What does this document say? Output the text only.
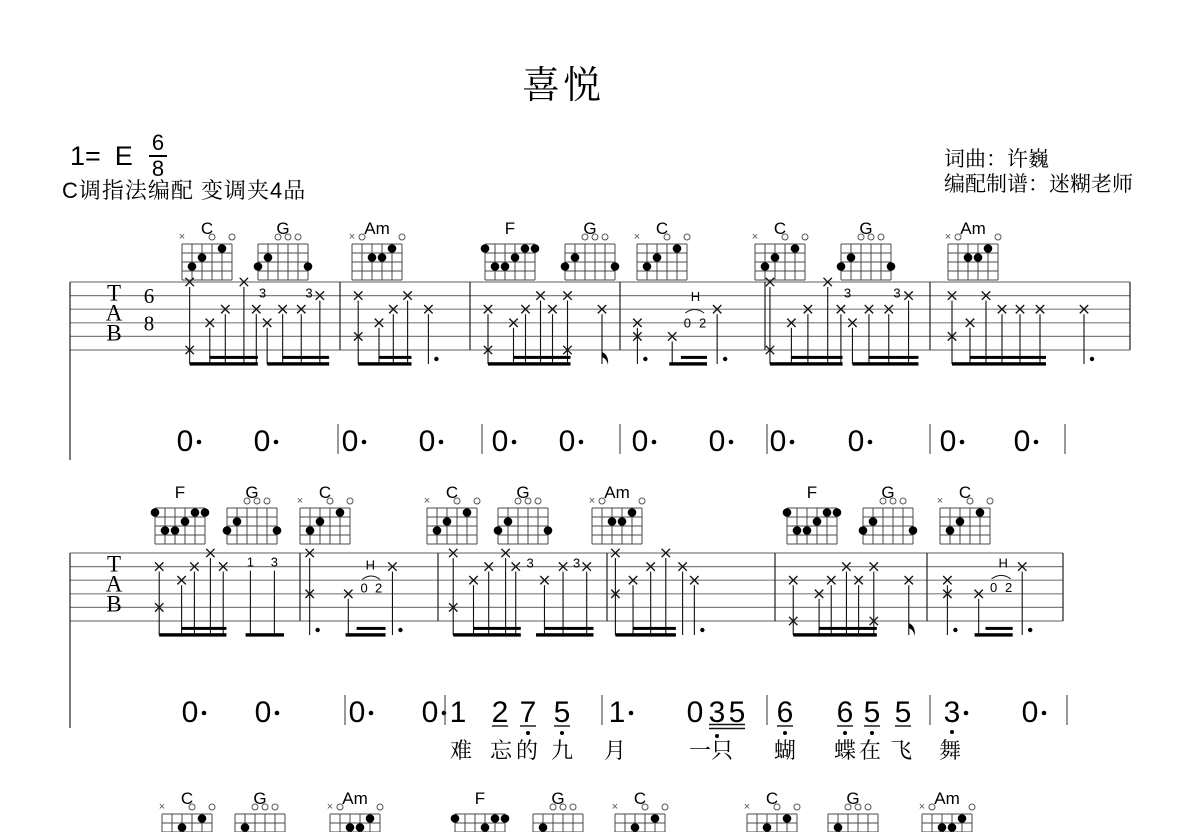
喜悦
1= E $\frac{6}{8}$
C调指法编配 变调夹4品
词曲：许巍
编配制谱：迷糊老师
C
×	G	Am
×	F	G	C
×	C
×	G	Am
×
F	G	C
×	C
×	G	Am
×	F	G	C
×
C
×	G	Am
×	F	G	C
×	C
×	G	Am
×
T
A
B
6
8
3	3	H
0 2
3	3
T
A
B
1 3	H
0 2
3	3	H
0 2
0 0 0 0 0 0 0 0 0 0	0 0
0 0	0 0 1 2 7 5 1 0 3 5 6 6 5 5 3 0
难 忘 的 九 月	一 只 蝴 蝶 在 飞 舞
